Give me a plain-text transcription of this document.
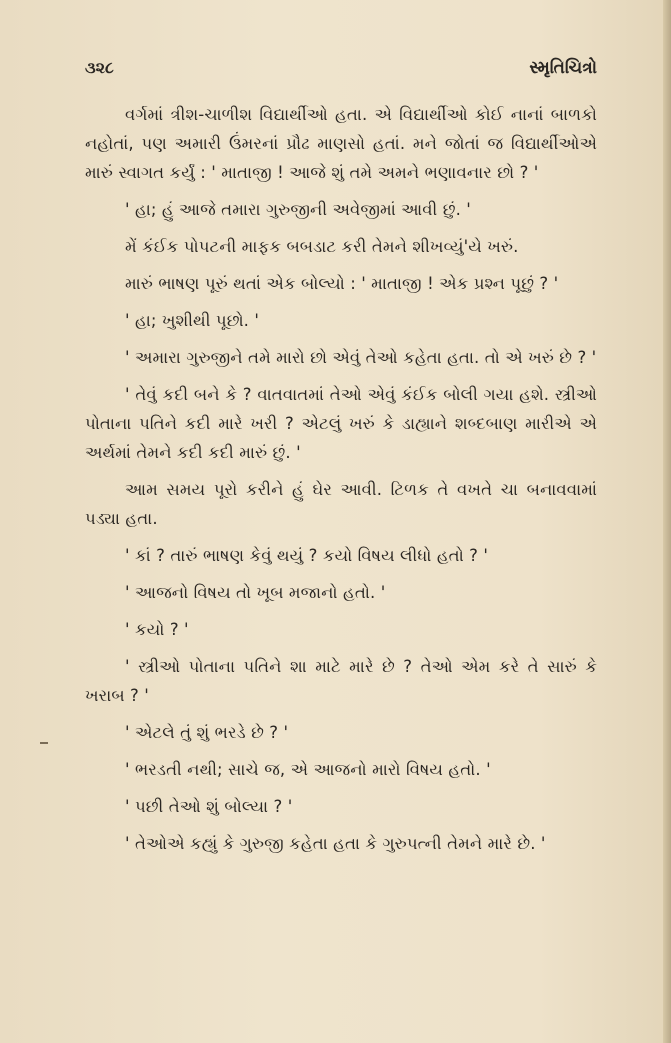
૩૨૮	સ્મૃતિચિત્રો

વર્ગમાં ત્રીશ-ચાળીશ વિદ્યાર્થીઓ હતા. એ વિદ્યાર્થીઓ કોઈ નાનાં બાળકો નહોતાં, પણ અમારી ઉંમરનાં પ્રૌઢ માણસો હતાં. મને જોતાં જ વિદ્યાર્થીઓએ મારું સ્વાગત કર્યું : ' માતાજી ! આજે શું તમે અમને ભણાવનાર છો ? '

' હા; હું આજે તમારા ગુરુજીની અવેજીમાં આવી છું. '

મેં કંઈક પોપટની માફક બબડાટ કરી તેમને શીખવ્યું'યે ખરું.

મારું ભાષણ પૂરું થતાં એક બોલ્યો : ' માતાજી ! એક પ્રશ્ન પૂછું ? '

' હા; ખુશીથી પૂછો. '

' અમારા ગુરુજીને તમે મારો છો એવું તેઓ કહેતા હતા. તો એ ખરું છે ? '

' તેવું કદી બને કે ? વાતવાતમાં તેઓ એવું કંઈક બોલી ગયા હશે. સ્ત્રીઓ પોતાના પતિને કદી મારે ખરી ? એટલું ખરું કે ડાહ્યાને શબ્દબાણ મારીએ એ અર્થમાં તેમને કદી કદી મારું છું. '

આમ સમય પૂરો કરીને હું ઘેર આવી. ટિળક તે વખતે ચા બનાવવામાં પડ્યા હતા.

' કાં ? તારું ભાષણ કેવું થયું ? કયો વિષય લીધો હતો ? '

' આજનો વિષય તો ખૂબ મજાનો હતો. '

' કયો ? '

' સ્ત્રીઓ પોતાના પતિને શા માટે મારે છે ? તેઓ એમ કરે તે સારું કે ખરાબ ? '

' એટલે તું શું ભરડે છે ? '

' ભરડતી નથી; સાચે જ, એ આજનો મારો વિષય હતો. '

' પછી તેઓ શું બોલ્યા ? '

' તેઓએ કહ્યું કે ગુરુજી કહેતા હતા કે ગુરુપત્ની તેમને મારે છે. '
